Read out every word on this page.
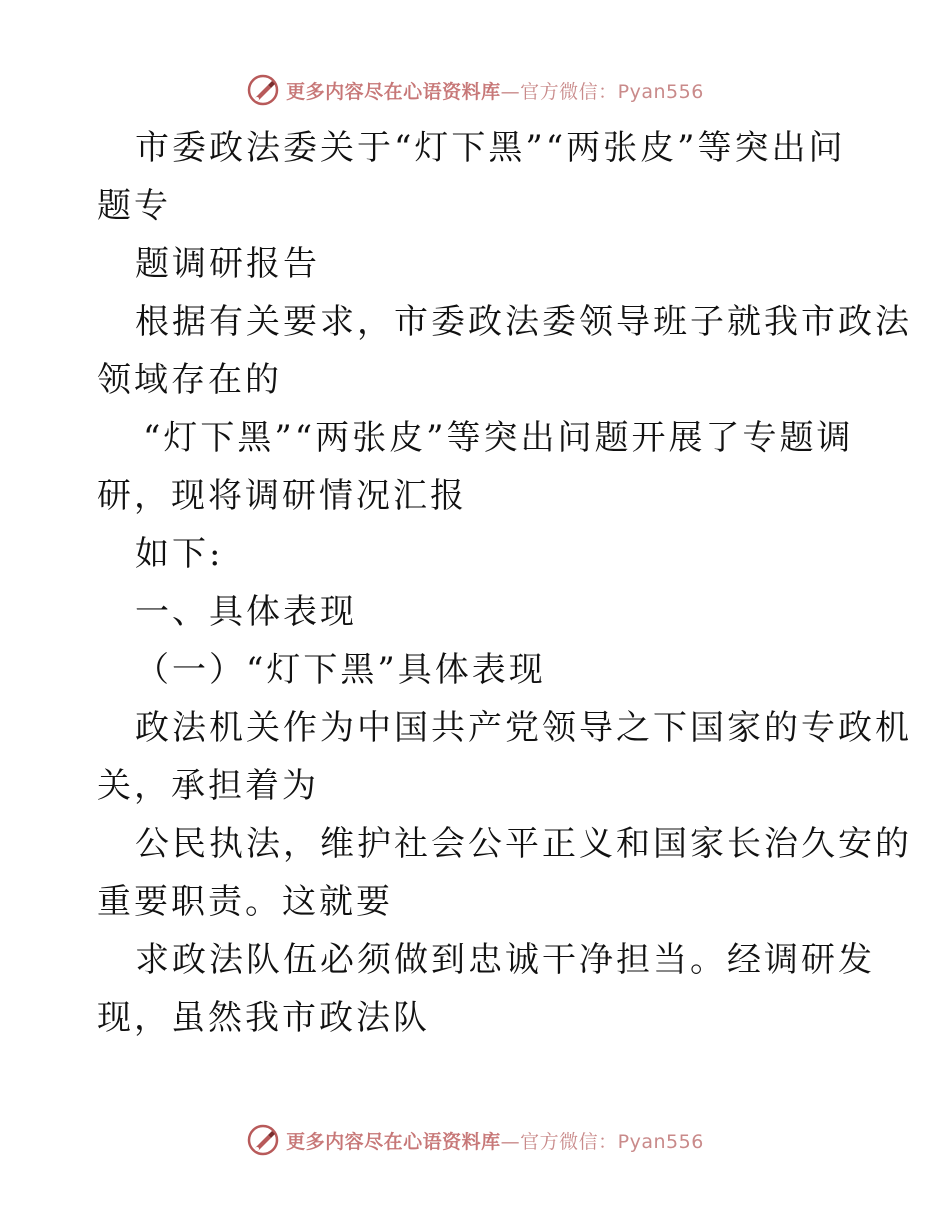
更多内容尽在心语资料库—官方微信：Pyan556
市委政法委关于“灯下黑”“两张皮”等突出问
题专
题调研报告
根据有关要求，市委政法委领导班子就我市政法
领域存在的
“灯下黑”“两张皮”等突出问题开展了专题调
研，现将调研情况汇报
如下:
一、具体表现
（一）“灯下黑”具体表现
政法机关作为中国共产党领导之下国家的专政机
关，承担着为
公民执法，维护社会公平正义和国家长治久安的
重要职责。这就要
求政法队伍必须做到忠诚干净担当。经调研发
现，虽然我市政法队
更多内容尽在心语资料库—官方微信：Pyan556
